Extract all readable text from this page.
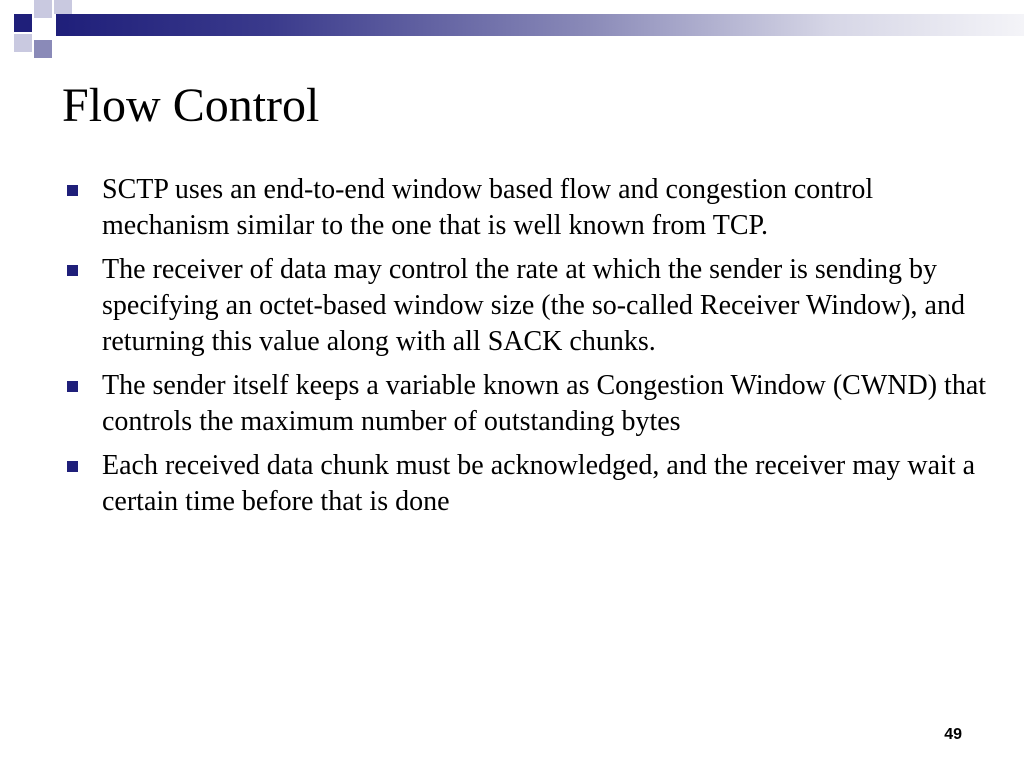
Flow Control
SCTP uses an end-to-end window based flow and congestion control mechanism similar to the one that is well known from TCP.
The receiver of data may control the rate at which the sender is sending by specifying an octet-based window size (the so-called Receiver Window), and returning this value along with all SACK chunks.
The sender itself keeps a variable known as Congestion Window (CWND) that controls the maximum number of outstanding bytes
Each received data chunk must be acknowledged, and the receiver may wait a certain time before that is done
49
